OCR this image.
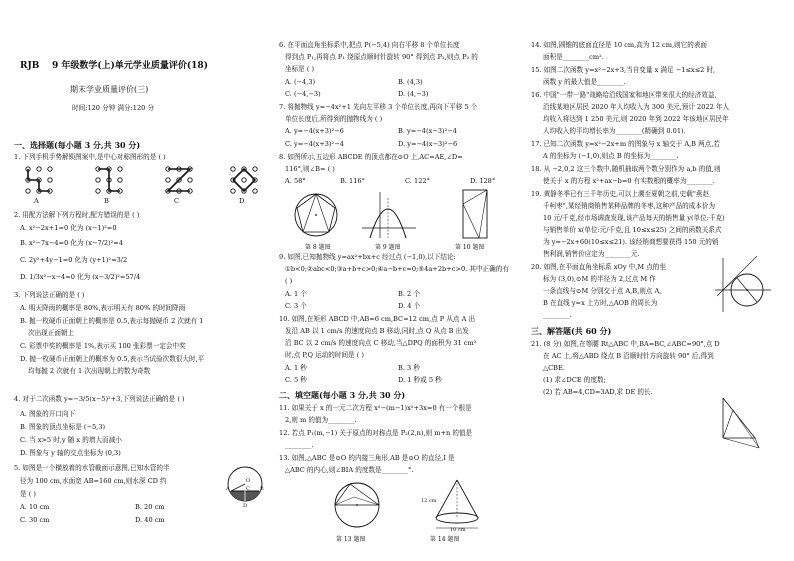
RJB 9 年级数学(上)单元学业质量评价(18)
期末学业质量评价(三)
时间:120 分钟 满分:120 分
一、选择题(每小题 3 分,共 30 分)
1. 下列手机手势解锁图案中,是中心对称图形的是 ( )
A	B	C	D
2. 用配方法解下列方程时,配方错误的是 ( )
A. x²−2x+1=0 化为 (x−1)²=0
B. x²−7x−4=0 化为 (x−7/2)²=4
C. 2y²+4y−1=0 化为 (y+1)²=3/2
D. 1/3x²−x−4=0 化为 (x−3/2)²=57/4
3. 下列说法正确的是 ( )
A. 明天降雨的概率是 80%,表示明天有 80% 的时间降雨
B. 抛一枚硬币正面朝上的概率是 0.5,表示每抛硬币 2 次就有 1
次出现正面朝上
C. 彩票中奖的概率是 1%,表示买 100 张彩票一定会中奖
D. 抛一枚硬币正面朝上的概率为 0.5,表示当试验次数很大时,平
均每抛 2 次就有 1 次出现朝上的数为奇数
4. 对于二次函数 y=−3/5(x−5)²+3,下列说法正确的是 ( )
A. 图象的开口向下
B. 图象的顶点坐标是 (−5,3)
C. 当 x>5 时,y 随 x 的增大而减小
D. 图象与 y 轴的交点坐标为 (0,3)
5. 如图是一个横放着的水管截面示意图,已知水管的半
径为 100 cm,水面宽 AB=160 cm,则水深 CD 约
是 ( )
A. 10 cm	B. 20 cm
C. 30 cm	D. 40 cm
O
A	B
C
D
6. 在平面直角坐标系中,把点 P(−5,4) 向右平移 8 个单位长度
得到点 P₁,再将点 P₁ 绕原点顺时针旋转 90° 得到点 P₂,则点 P₂ 的
坐标是 ( )
A. (−4,3)	B. (4,3)
C. (−4,−3)	D. (4,−3)
7. 将抛物线 y=−4x²+1 先向左平移 3 个单位长度,再向下平移 5 个
单位长度后,所得到的抛物线为 ( )
A. y=−4(x+3)²−6	B. y=−4(x−3)²−4
C. y=−4(x+3)²−4	D. y=−4(x−3)²−6
8. 如图所示,五边形 ABCDE 的顶点都在⊙O 上,AC=AE,∠D=
116°,则∠B= ( )
A. 58°	B. 116°	C. 122°	D. 128°
第 8 题图	第 9 题图	第 10 题图
9. 如图,已知抛物线 y=ax²+bx+c 经过点 (−1,0),以下结论:
①b<0;②abc<0;③a+b+c>0;④a−b+c=0;⑤4a+2b+c>0. 其中正确的有
( )
A. 1 个	B. 2 个
C. 3 个	D. 4 个
10. 如图,在矩形 ABCD 中,AB=6 cm,BC=12 cm,点 P 从点 A 出
发沿 AB 以 1 cm/s 的速度向点 B 移动,同时,点 Q 从点 B 出发
沿 BC 以 2 cm/s 的速度向点 C 移动,当△DPQ 的面积为 31 cm²
时,点 P,Q 运动的时间是 ( )
A. 1 秒	B. 3 秒
C. 5 秒	D. 1 秒或 5 秒
二、填空题(每小题 3 分,共 30 分)
11. 如果关于 x 的一元二次方程 x²−(m−1)x²+3x=0 有一个根是
2,则 m 的值为________.
12. 若点 P₁(m,−1) 关于原点的对称点是 P₂(2,n),则 m+n 的值是
________.
13. 如图,△ABC 是⊙O 的内接三角形,AB 是⊙O 的直径,I 是
△ABC 的内心,则∠BIA 的度数是________°.
12 cm
10 cm
第 13 题图	第 14 题图
14. 如图,圆锥的底面直径是 10 cm,高为 12 cm,则它的表面
面积是________cm².
15. 如图二次函数 y=x²−2x+3,当自变量 x 满足 −1≤x≤2 时,
函数 y 的最大值是________.
16. 中国"一带一路"战略给沿线国家和地区带来很大的经济效益,
沿线某地区居民 2020 年人均收入为 300 美元,预计 2022 年人
均收入将达到 1 250 美元,则 2020 年到 2022 年该地区居民年
人均收入的平均增长率为________(精确到 0.01).
17. 已知二次函数 y=x²−2x+m 的图象与 x 轴交于 A,B 两点,若
A 的坐标为 (−1,0),则点 B 的坐标为________.
18. 从 −2,0,2 这三个数中,随机抽取两个数分别作为 a,b 的值,则
使关于 x 的方程 x²+ax−b=0 有实数根的概率为________.
19. 黄静冬季已有三千年历史,可以上溯至夏朝之前,史载"燕赵
千柯枣",某经销商销售某种品牌的冬枣,这种产品的成本价为
10 元/千克,经市场调查发现,该产品每天的销售量 y(单位:千克)
与销售单价 x(单位:元/千克,且 10≤x≤25) 之间的函数关系式
为 y=−2x+60(10≤x≤21). 该经销商想要获得 150 元的销
售利润,销售价应定为________元.
20. 如图,在平面直角坐标系 xOy 中,M 点的坐
标为 (3,0),⊙M 的半径为 2,过点 M 作
一条直线与⊙M 分别交于点 A,B,则点 A,
B 在直线 y=x 上方时,△AOB 的周长为
________.
三、解答题(共 60 分)
21. (8 分) 如图,在等腰 Rt△ABC 中,BA=BC,∠ABC=90°,点 D
在 AC 上,将△ABD 绕点 B 沿顺时针方向旋转 90° 后,得到
△CBE.
(1) 求∠DCE 的度数;
(2) 若 AB=4,CD=3AD,求 DE 的长.
